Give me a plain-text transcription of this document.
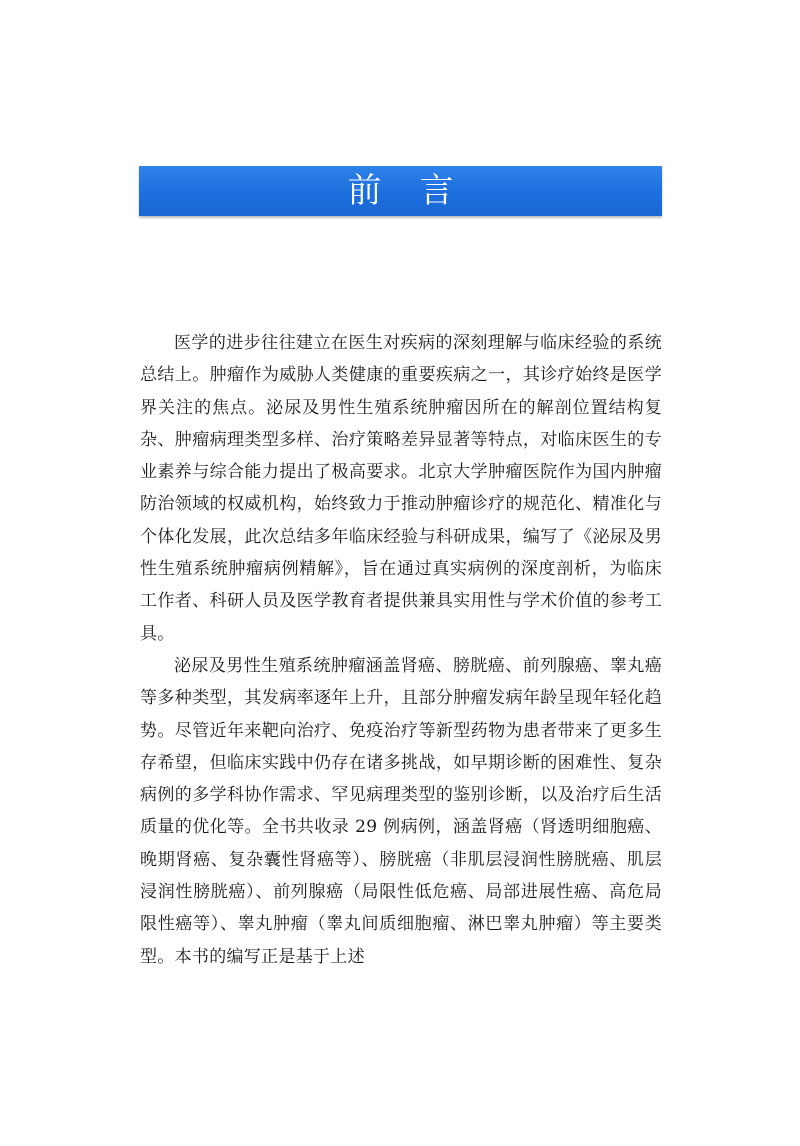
前言

医学的进步往往建立在医生对疾病的深刻理解与临床经验的系统总结上。肿瘤作为威胁人类健康的重要疾病之一，其诊疗始终是医学界关注的焦点。泌尿及男性生殖系统肿瘤因所在的解剖位置结构复杂、肿瘤病理类型多样、治疗策略差异显著等特点，对临床医生的专业素养与综合能力提出了极高要求。北京大学肿瘤医院作为国内肿瘤防治领域的权威机构，始终致力于推动肿瘤诊疗的规范化、精准化与个体化发展，此次总结多年临床经验与科研成果，编写了《泌尿及男性生殖系统肿瘤病例精解》，旨在通过真实病例的深度剖析，为临床工作者、科研人员及医学教育者提供兼具实用性与学术价值的参考工具。

泌尿及男性生殖系统肿瘤涵盖肾癌、膀胱癌、前列腺癌、睾丸癌等多种类型，其发病率逐年上升，且部分肿瘤发病年龄呈现年轻化趋势。尽管近年来靶向治疗、免疫治疗等新型药物为患者带来了更多生存希望，但临床实践中仍存在诸多挑战，如早期诊断的困难性、复杂病例的多学科协作需求、罕见病理类型的鉴别诊断，以及治疗后生活质量的优化等。全书共收录 29 例病例，涵盖肾癌（肾透明细胞癌、晚期肾癌、复杂囊性肾癌等）、膀胱癌（非肌层浸润性膀胱癌、肌层浸润性膀胱癌）、前列腺癌（局限性低危癌、局部进展性癌、高危局限性癌等）、睾丸肿瘤（睾丸间质细胞瘤、淋巴睾丸肿瘤）等主要类型。本书的编写正是基于上述
